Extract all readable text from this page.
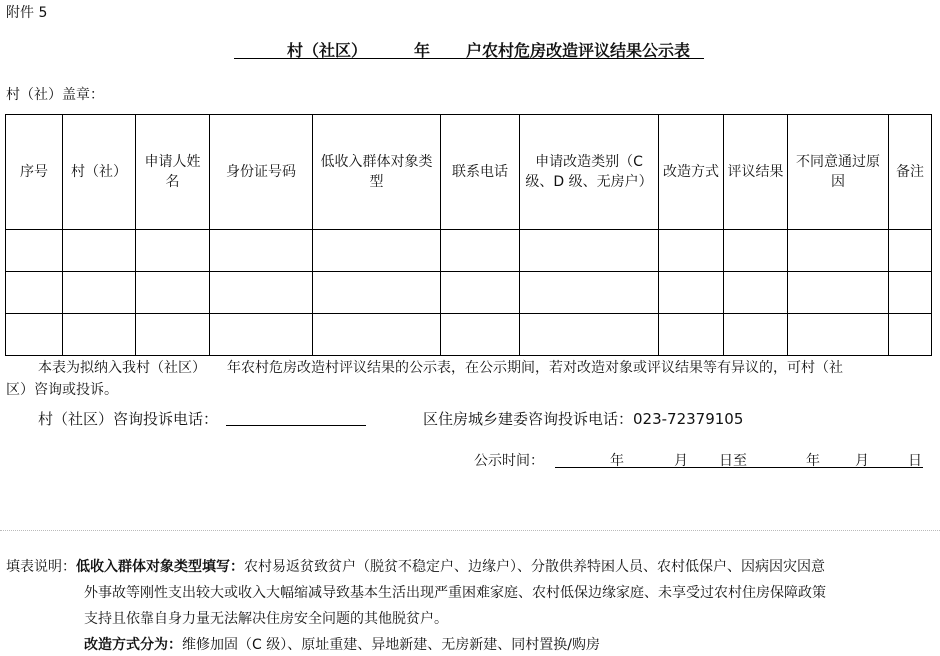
附件 5
村（社区）	年 户农村危房改造评议结果公示表
村（社）盖章：
序号	村（社）	申请人姓名	身份证号码	低收入群体对象类型	联系电话	申请改造类别（C 级、D 级、无房户）	改造方式	评议结果	不同意通过原因	备注

本表为拟纳入我村（社区）　　年农村危房改造村评议结果的公示表，在公示期间，若对改造对象或评议结果等有异议的，可村（社
区）咨询或投诉。
村（社区）咨询投诉电话：	区住房城乡建委咨询投诉电话：023-72379105
公示时间：	年	月 日至	年	月	日
填表说明：低收入群体对象类型填写：农村易返贫致贫户（脱贫不稳定户、边缘户）、分散供养特困人员、农村低保户、因病因灾因意
外事故等刚性支出较大或收入大幅缩减导致基本生活出现严重困难家庭、农村低保边缘家庭、未享受过农村住房保障政策
支持且依靠自身力量无法解决住房安全问题的其他脱贫户。
改造方式分为：维修加固（C 级）、原址重建、异地新建、无房新建、同村置换/购房
